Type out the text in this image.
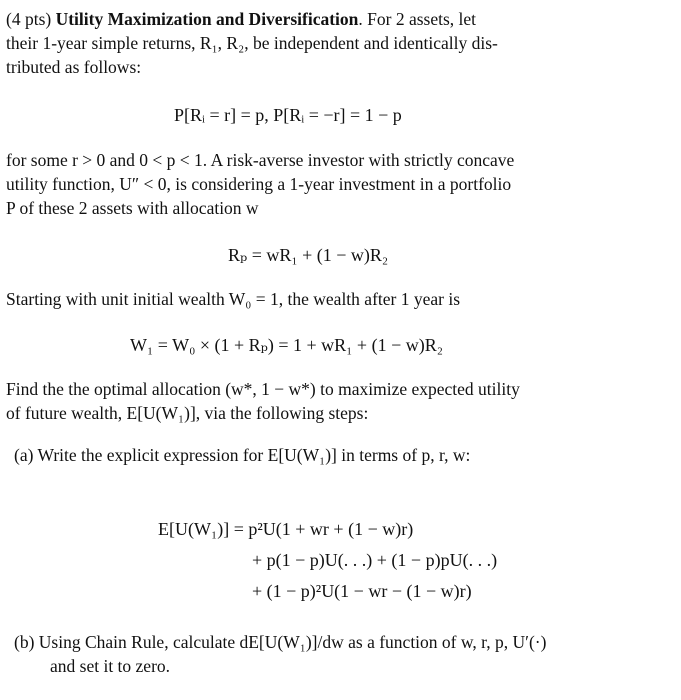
(4 pts) Utility Maximization and Diversification. For 2 assets, let
their 1-year simple returns, R₁, R₂, be independent and identically dis-
tributed as follows:
P[Rᵢ = r] = p, P[Rᵢ = −r] = 1 − p
for some r > 0 and 0 < p < 1. A risk-averse investor with strictly concave
utility function, U″ < 0, is considering a 1-year investment in a portfolio
P of these 2 assets with allocation w
Rₚ = wR₁ + (1 − w)R₂
Starting with unit initial wealth W₀ = 1, the wealth after 1 year is
W₁ = W₀ × (1 + Rₚ) = 1 + wR₁ + (1 − w)R₂
Find the the optimal allocation (w*, 1 − w*) to maximize expected utility
of future wealth, E[U(W₁)], via the following steps:
(a) Write the explicit expression for E[U(W₁)] in terms of p, r, w:
E[U(W₁)] = p²U(1 + wr + (1 − w)r)
+ p(1 − p)U(. . .) + (1 − p)pU(. . .)
+ (1 − p)²U(1 − wr − (1 − w)r)
(b) Using Chain Rule, calculate dE[U(W₁)]/dw as a function of w, r, p, U′(·)
and set it to zero.
